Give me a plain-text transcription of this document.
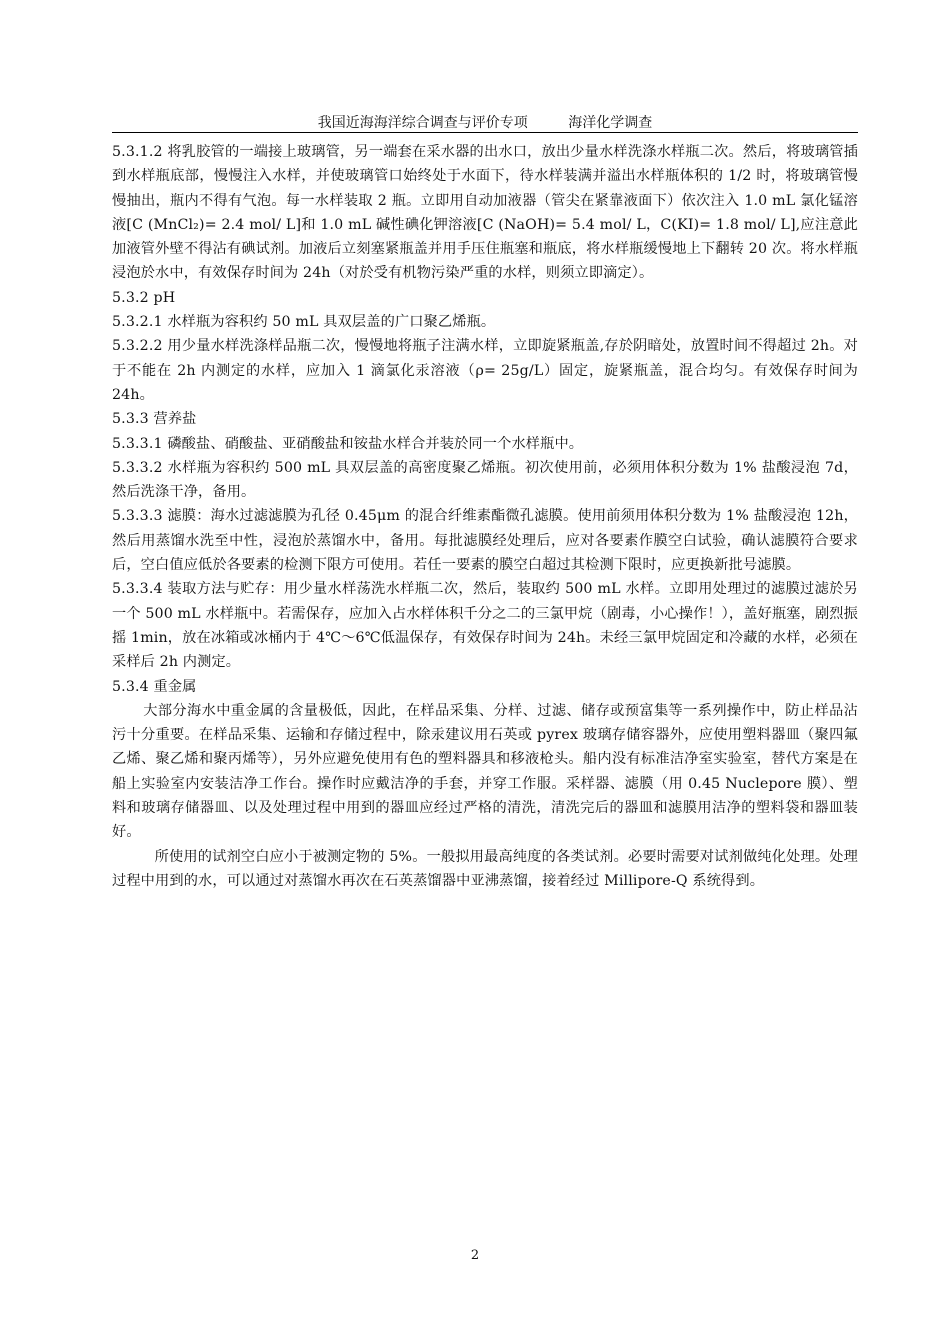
我国近海海洋综合调查与评价专项	海洋化学调查

5.3.1.2 将乳胶管的一端接上玻璃管，另一端套在采水器的出水口，放出少量水样洗涤水样瓶二次。然后，将玻璃管插到水样瓶底部，慢慢注入水样，并使玻璃管口始终处于水面下，待水样装满并溢出水样瓶体积的 1/2 时，将玻璃管慢慢抽出，瓶内不得有气泡。每一水样装取 2 瓶。立即用自动加液器（管尖在紧靠液面下）依次注入 1.0 mL 氯化锰溶液[C (MnCl₂)= 2.4 mol/ L]和 1.0 mL 碱性碘化钾溶液[C (NaOH)= 5.4 mol/ L，C(KI)= 1.8 mol/ L],应注意此加液管外壁不得沾有碘试剂。加液后立刻塞紧瓶盖并用手压住瓶塞和瓶底，将水样瓶缓慢地上下翻转 20 次。将水样瓶浸泡於水中，有效保存时间为 24h（对於受有机物污染严重的水样，则须立即滴定）。

5.3.2 pH

5.3.2.1 水样瓶为容积约 50 mL 具双层盖的广口聚乙烯瓶。

5.3.2.2 用少量水样洗涤样品瓶二次，慢慢地将瓶子注满水样，立即旋紧瓶盖,存於阴暗处，放置时间不得超过 2h。对于不能在 2h 内测定的水样，应加入 1 滴氯化汞溶液（ρ= 25g/L）固定，旋紧瓶盖，混合均匀。有效保存时间为 24h。

5.3.3 营养盐

5.3.3.1 磷酸盐、硝酸盐、亚硝酸盐和铵盐水样合并装於同一个水样瓶中。

5.3.3.2 水样瓶为容积约 500 mL 具双层盖的高密度聚乙烯瓶。初次使用前，必须用体积分数为 1% 盐酸浸泡 7d，然后洗涤干净，备用。

5.3.3.3 滤膜：海水过滤滤膜为孔径 0.45μm 的混合纤维素酯微孔滤膜。使用前须用体积分数为 1% 盐酸浸泡 12h，然后用蒸馏水洗至中性，浸泡於蒸馏水中，备用。每批滤膜经处理后，应对各要素作膜空白试验，确认滤膜符合要求后，空白值应低於各要素的检测下限方可使用。若任一要素的膜空白超过其检测下限时，应更换新批号滤膜。

5.3.3.4 装取方法与贮存：用少量水样荡洗水样瓶二次，然后，装取约 500 mL 水样。立即用处理过的滤膜过滤於另一个 500 mL 水样瓶中。若需保存，应加入占水样体积千分之二的三氯甲烷（剧毒，小心操作！），盖好瓶塞，剧烈振摇 1min，放在冰箱或冰桶内于 4℃～6℃低温保存，有效保存时间为 24h。未经三氯甲烷固定和冷藏的水样，必须在采样后 2h 内测定。

5.3.4 重金属

大部分海水中重金属的含量极低，因此，在样品采集、分样、过滤、储存或预富集等一系列操作中，防止样品沾污十分重要。在样品采集、运输和存储过程中，除汞建议用石英或 pyrex 玻璃存储容器外，应使用塑料器皿（聚四氟乙烯、聚乙烯和聚丙烯等），另外应避免使用有色的塑料器具和移液枪头。船内没有标准洁净室实验室，替代方案是在船上实验室内安装洁净工作台。操作时应戴洁净的手套，并穿工作服。采样器、滤膜（用 0.45 Nuclepore 膜）、塑料和玻璃存储器皿、以及处理过程中用到的器皿应经过严格的清洗，清洗完后的器皿和滤膜用洁净的塑料袋和器皿装好。

所使用的试剂空白应小于被测定物的 5%。一般拟用最高纯度的各类试剂。必要时需要对试剂做纯化处理。处理过程中用到的水，可以通过对蒸馏水再次在石英蒸馏器中亚沸蒸馏，接着经过 Millipore-Q 系统得到。

2
